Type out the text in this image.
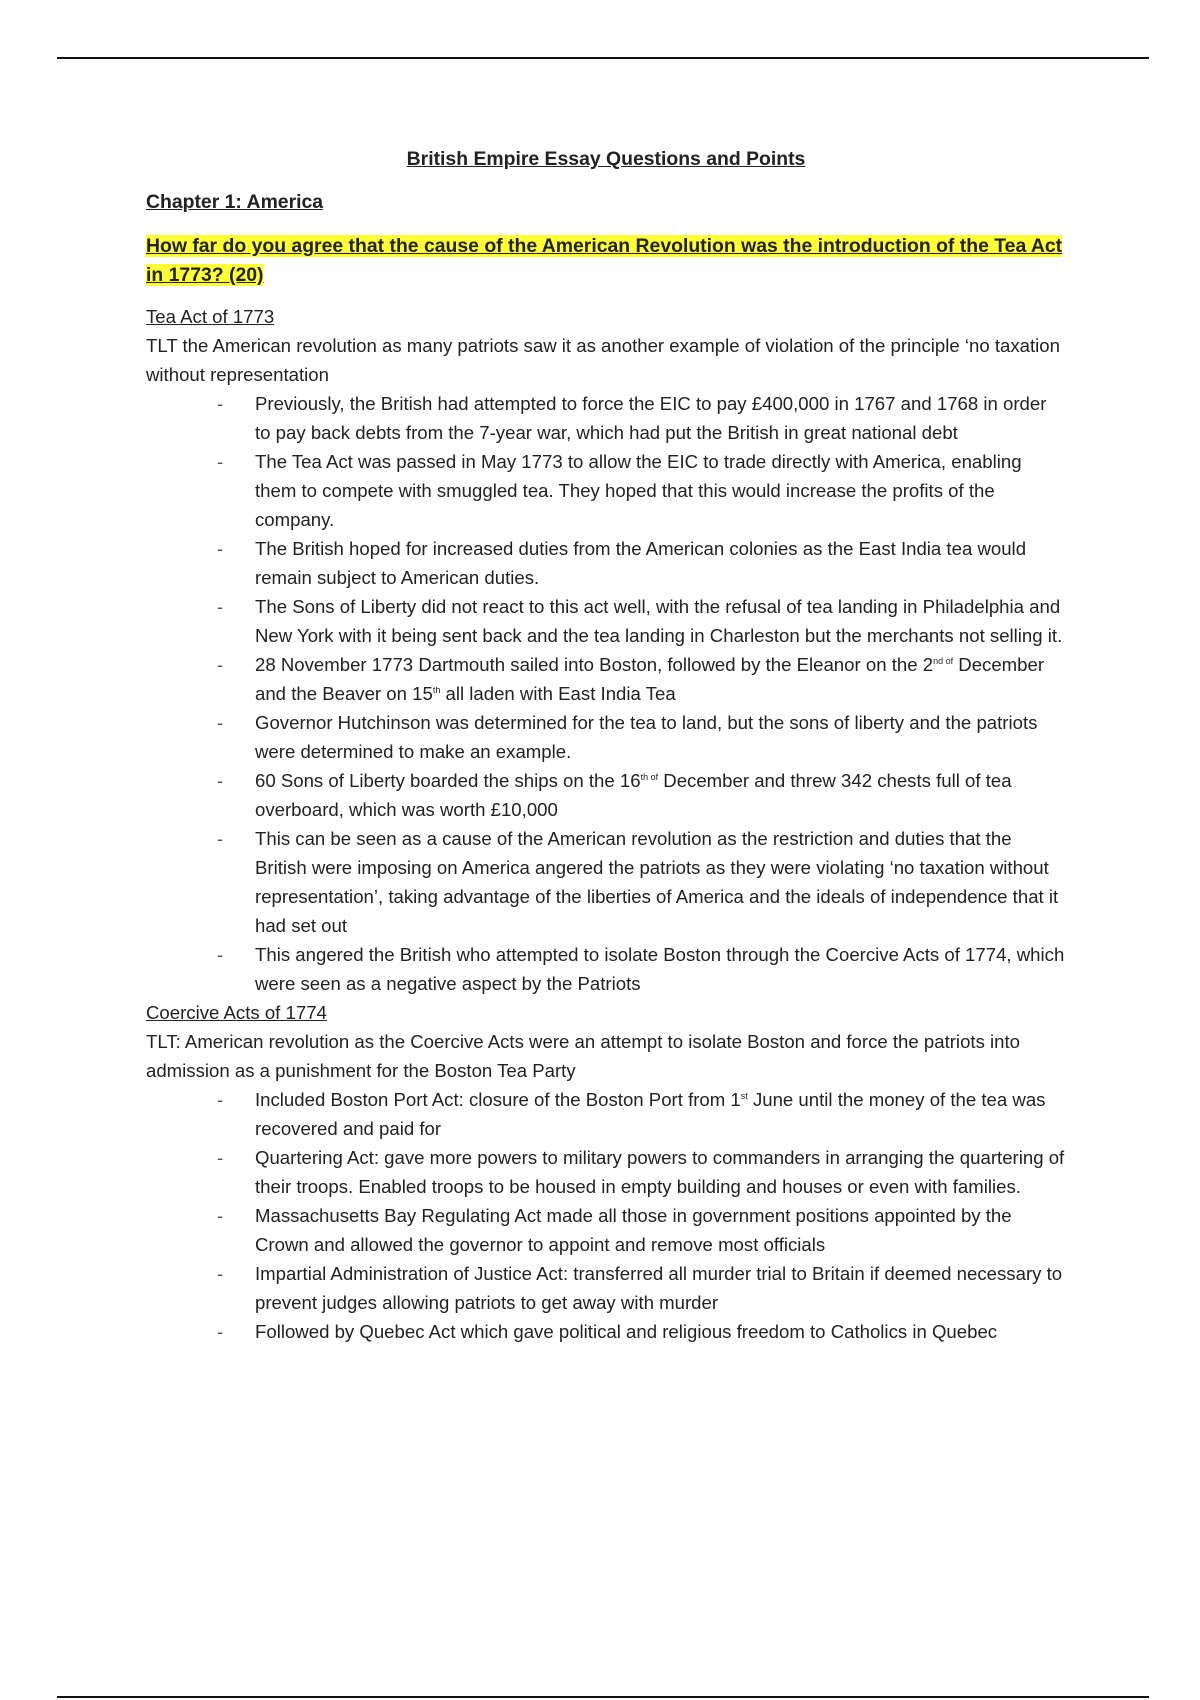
British Empire Essay Questions and Points

Chapter 1: America

How far do you agree that the cause of the American Revolution was the introduction of the Tea Act in 1773? (20)

Tea Act of 1773

TLT the American revolution as many patriots saw it as another example of violation of the principle ‘no taxation without representation

- Previously, the British had attempted to force the EIC to pay £400,000 in 1767 and 1768 in order to pay back debts from the 7-year war, which had put the British in great national debt
- The Tea Act was passed in May 1773 to allow the EIC to trade directly with America, enabling them to compete with smuggled tea. They hoped that this would increase the profits of the company.
- The British hoped for increased duties from the American colonies as the East India tea would remain subject to American duties.
- The Sons of Liberty did not react to this act well, with the refusal of tea landing in Philadelphia and New York with it being sent back and the tea landing in Charleston but the merchants not selling it.
- 28 November 1773 Dartmouth sailed into Boston, followed by the Eleanor on the $2^{nd of}$ December and the Beaver on 15th all laden with East India Tea
- Governor Hutchinson was determined for the tea to land, but the sons of liberty and the patriots were determined to make an example.
- 60 Sons of Liberty boarded the ships on the $16^{th of}$ December and threw 342 chests full of tea overboard, which was worth £10,000
- This can be seen as a cause of the American revolution as the restriction and duties that the British were imposing on America angered the patriots as they were violating ‘no taxation without representation’, taking advantage of the liberties of America and the ideals of independence that it had set out
- This angered the British who attempted to isolate Boston through the Coercive Acts of 1774, which were seen as a negative aspect by the Patriots

Coercive Acts of 1774

TLT: American revolution as the Coercive Acts were an attempt to isolate Boston and force the patriots into admission as a punishment for the Boston Tea Party

- Included Boston Port Act: closure of the Boston Port from 1st June until the money of the tea was recovered and paid for
- Quartering Act: gave more powers to military powers to commanders in arranging the quartering of their troops. Enabled troops to be housed in empty building and houses or even with families.
- Massachusetts Bay Regulating Act made all those in government positions appointed by the Crown and allowed the governor to appoint and remove most officials
- Impartial Administration of Justice Act: transferred all murder trial to Britain if deemed necessary to prevent judges allowing patriots to get away with murder
- Followed by Quebec Act which gave political and religious freedom to Catholics in Quebec
